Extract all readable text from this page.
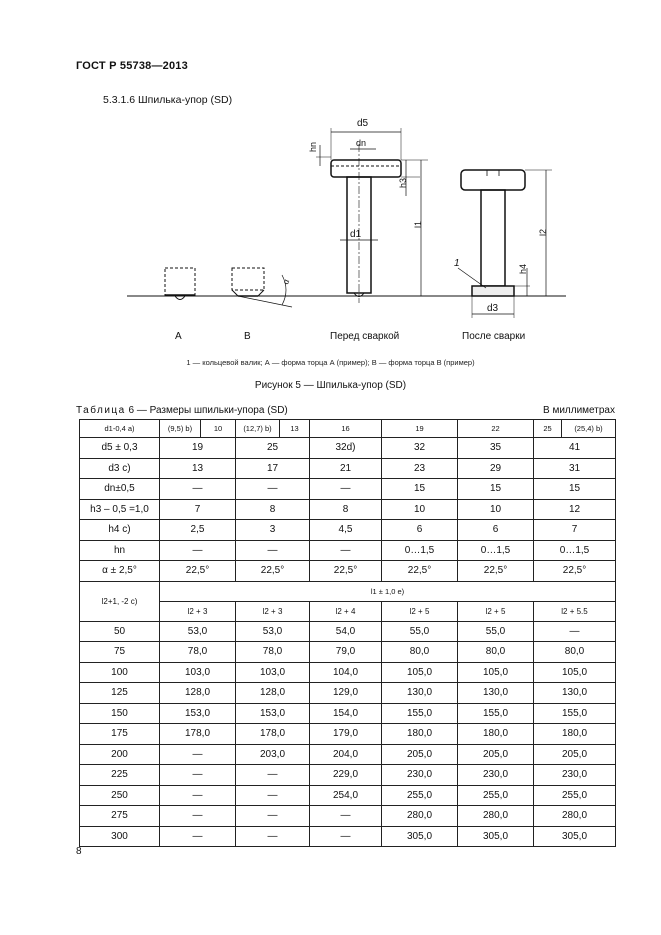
ГОСТ Р 55738—2013
5.3.1.6 Шпилька-упор (SD)
α
d5
dn
hn
h3
l1
d1
1
l2
h4
d3
A	B	Перед сваркой	После сварки
1 — кольцевой валик; А — форма торца А (пример); В — форма торца В (пример)
Рисунок 5 — Шпилька-упор (SD)
Таблица 6 — Размеры шпильки-упора (SD)	В миллиметрах
d1-0,4 a)	(9,5) b)	10	(12,7) b)	13	16	19	22	25	(25,4) b)
d5 ± 0,3	19		25		32d)	32	35	41	
d3 c)	13		17		21	23	29	31	
dn±0,5	—		—		—	15	15	15	
h3 – 0,5 =1,0	7		8		8	10	10	12	
h4 c)	2,5		3		4,5	6	6	7	
hn	—		—		—	0…1,5	0…1,5	0…1,5	
α ± 2,5°	22,5°		22,5°		22,5°	22,5°	22,5°	22,5°	
l2+1, -2 c)	l1 ± 1,0 e)								
	l2 + 3		l2 + 3		l2 + 4	l2 + 5	l2 + 5	l2 + 5.5	
50	53,0		53,0		54,0	55,0	55,0	—	
75	78,0		78,0		79,0	80,0	80,0	80,0	
100	103,0		103,0		104,0	105,0	105,0	105,0	
125	128,0		128,0		129,0	130,0	130,0	130,0	
150	153,0		153,0		154,0	155,0	155,0	155,0	
175	178,0		178,0		179,0	180,0	180,0	180,0	
200	—		203,0		204,0	205,0	205,0	205,0	
225	—		—		229,0	230,0	230,0	230,0	
250	—		—		254,0	255,0	255,0	255,0	
275	—		—		—	280,0	280,0	280,0	
300	—		—		—	305,0	305,0	305,0	
8
